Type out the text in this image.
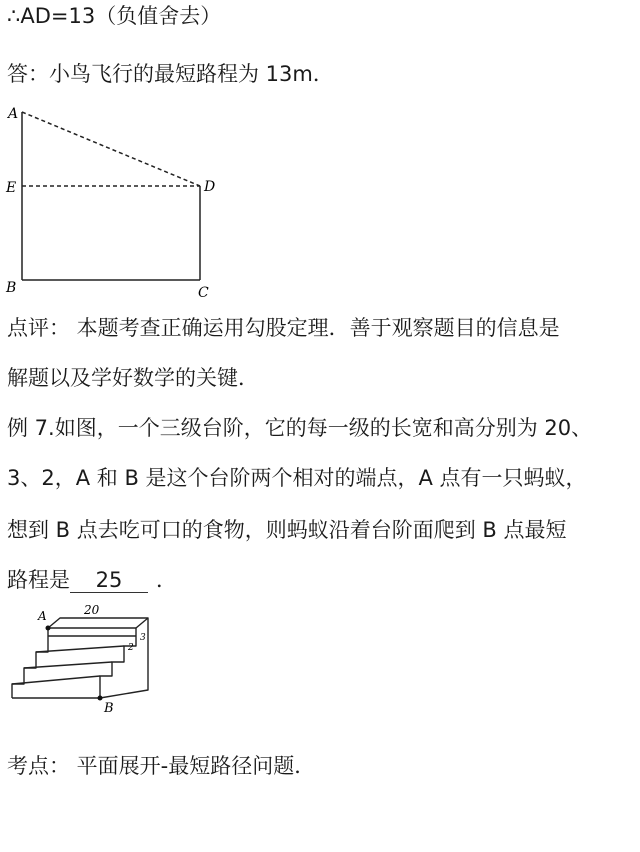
∴AD=13（负值舍去）
答：小鸟飞行的最短路程为 13m．
A
E	D
B	C
点评： 本题考查正确运用勾股定理．善于观察题目的信息是
解题以及学好数学的关键．
例 7.如图，一个三级台阶，它的每一级的长宽和高分别为 20、
3、2，A 和 B 是这个台阶两个相对的端点，A 点有一只蚂蚁，
想到 B 点去吃可口的食物，则蚂蚁沿着台阶面爬到 B 点最短
路程是 25 ．
A
B
20
3
2
考点： 平面展开-最短路径问题．
